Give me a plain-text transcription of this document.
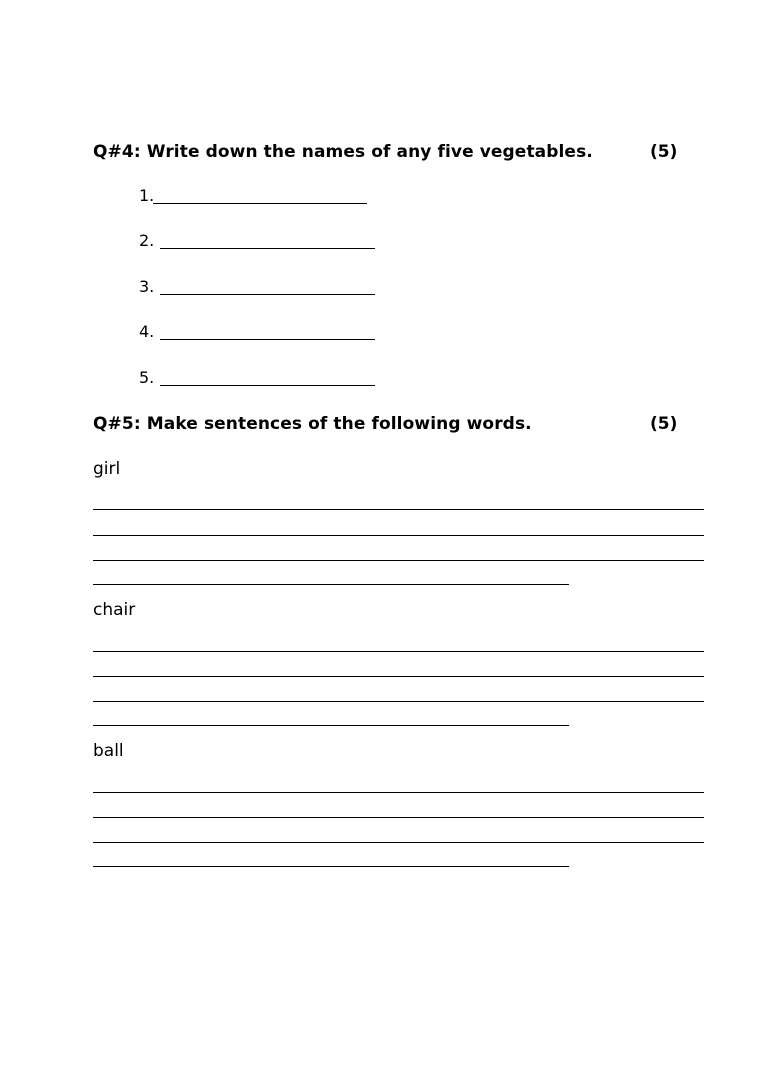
Q#4: Write down the names of any five vegetables.	(5)
1.
2.
3.
4.
5.
Q#5: Make sentences of the following words.	(5)
girl
chair
ball
